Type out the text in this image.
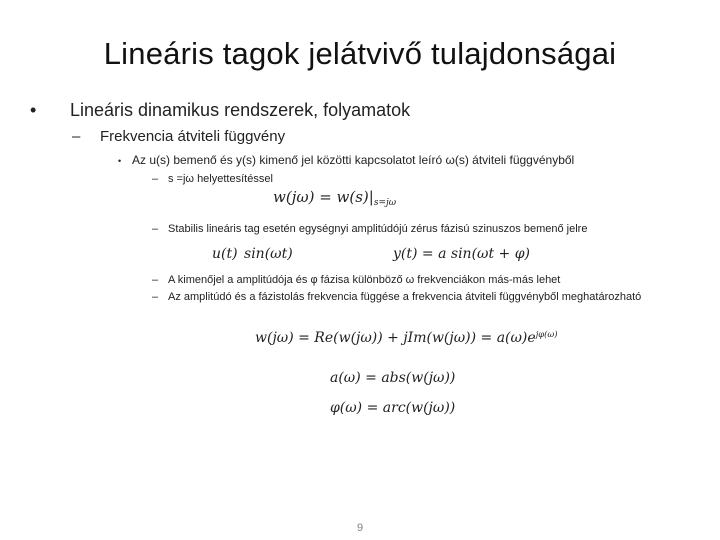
Lineáris tagok jelátvivő tulajdonságai
• Lineáris dinamikus rendszerek, folyamatok
– Frekvencia átviteli függvény
• Az u(s) bemenő és y(s) kimenő jel közötti kapcsolatot leíró ω(s) átviteli függvényből
– s =jω helyettesítéssel
$w(j\omega) = w(s)|_{s=j\omega}$
– Stabilis lineáris tag esetén egységnyi amplitúdójú zérus fázisú szinuszos bemenő jelre
u(t) sin(ωt)	y(t) = a sin(ωt + φ)
– A kimenőjel a amplitúdója és φ fázisa különböző ω frekvenciákon más-más lehet
– Az amplitúdó és a fázistolás frekvencia függése a frekvencia átviteli függvényből meghatározható
$w(j\omega) = Re(w(j\omega)) + jIm(w(j\omega)) = a(\omega)e^{j\varphi(\omega)}$
a(ω) = abs(w(jω))
φ(ω) = arc(w(jω))
9
